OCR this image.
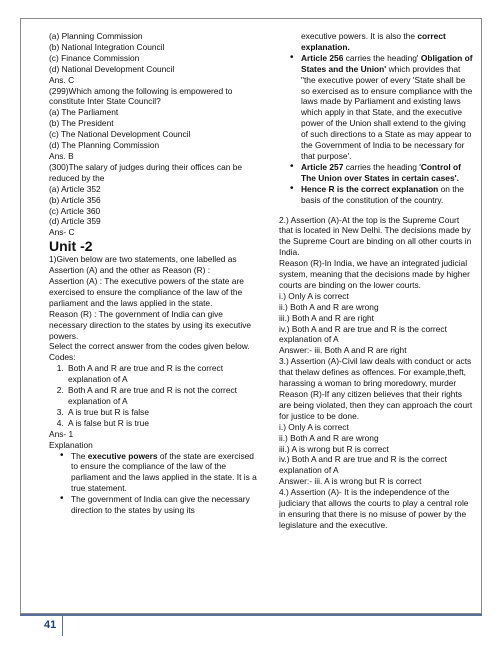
(a) Planning Commission
(b) National Integration Council
(c) Finance Commission
(d) National Development Council
Ans. C
(299)Which among the following is empowered to constitute Inter State Council?
(a) The Parliament
(b) The President
(c) The National Development Council
(d) The Planning Commission
Ans. B
(300)The salary of judges during their offices can be reduced by the
(a) Article 352
(b) Article 356
(c) Article 360
(d) Article 359
Ans- C
Unit -2
1)Given below are two statements, one labelled as Assertion (A) and the other as Reason (R) :
Assertion (A) : The executive powers of the state are exercised to ensure the compliance of the law of the parliament and the laws applied in the state.
Reason (R) : The government of India can give necessary direction to the states by using its executive powers.
Select the correct answer from the codes given below.
Codes:
1. Both A and R are true and R is the correct explanation of A
2. Both A and R are true and R is not the correct explanation of A
3. A is true but R is false
4. A is false but R is true
Ans- 1
Explanation
• The executive powers of the state are exercised to ensure the compliance of the law of the parliament and the laws applied in the state. It is a true statement.
• The government of India can give the necessary direction to the states by using its
executive powers. It is also the correct explanation.
• Article 256 carries the heading' Obligation of States and the Union' which provides that "the executive power of every 'State shall be so exercised as to ensure compliance with the laws made by Parliament and existing laws which apply in that State, and the executive power of the Union shall extend to the giving of such directions to a State as may appear to the Government of India to be necessary for that purpose'.
• Article 257 carries the heading 'Control of The Union over States in certain cases'.
• Hence R is the correct explanation on the basis of the constitution of the country.
2.) Assertion (A)-At the top is the Supreme Court that is located in New Delhi. The decisions made by the Supreme Court are binding on all other courts in India.
Reason (R)-In India, we have an integrated judicial system, meaning that the decisions made by higher courts are binding on the lower courts.
i.) Only A is correct
ii.) Both A and R are wrong
iii.) Both A and R are right
iv.) Both A and R are true and R is the correct explanation of A
Answer:- iii. Both A and R are right
3.) Assertion (A)-Civil law deals with conduct or acts that thelaw defines as offences. For example,theft, harassing a woman to bring moredowry, murder
Reason (R)-If any citizen believes that their rights are being violated, then they can approach the court for justice to be done.
i.) Only A is correct
ii.) Both A and R are wrong
iii.) A is wrong but R is correct
iv.) Both A and R are true and R is the correct explanation of A
Answer:- iii. A is wrong but R is correct
4.) Assertion (A)- It is the independence of the judiciary that allows the courts to play a central role in ensuring that there is no misuse of power by the legislature and the executive.
41
